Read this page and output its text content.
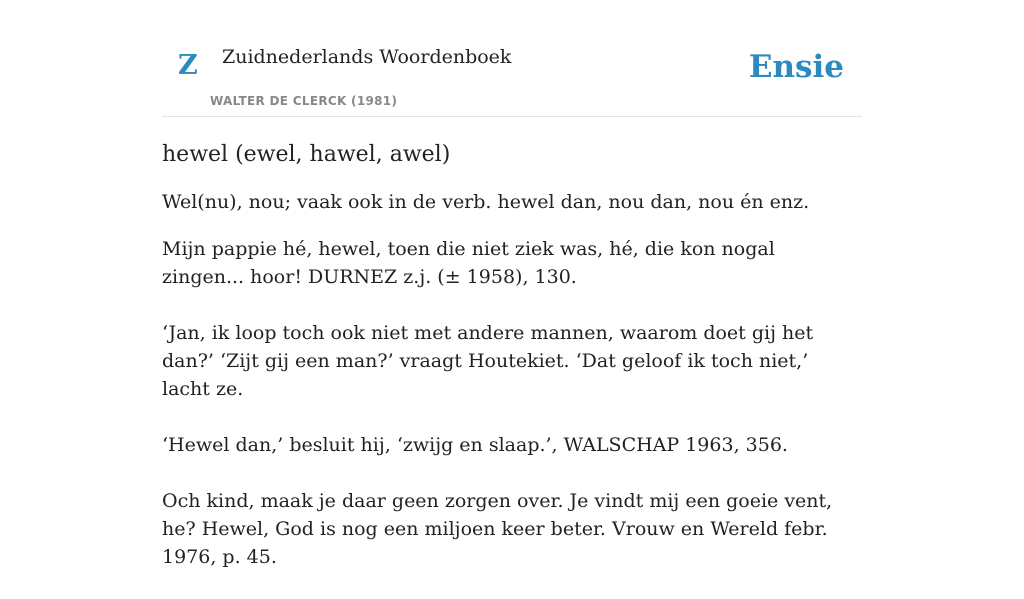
Z Zuidnederlands Woordenboek
WALTER DE CLERCK (1981)
Ensie
hewel (ewel, hawel, awel)

Wel(nu), nou; vaak ook in de verb. hewel dan, nou dan, nou én enz.

Mijn pappie hé, hewel, toen die niet ziek was, hé, die kon nogal zingen... hoor! DURNEZ z.j. (± 1958), 130.

‘Jan, ik loop toch ook niet met andere mannen, waarom doet gij het dan?’ ‘Zijt gij een man?’ vraagt Houtekiet. ‘Dat geloof ik toch niet,’ lacht ze.

‘Hewel dan,’ besluit hij, ‘zwijg en slaap.’, WALSCHAP 1963, 356.

Och kind, maak je daar geen zorgen over. Je vindt mij een goeie vent, he? Hewel, God is nog een miljoen keer beter. Vrouw en Wereld febr. 1976, p. 45.
